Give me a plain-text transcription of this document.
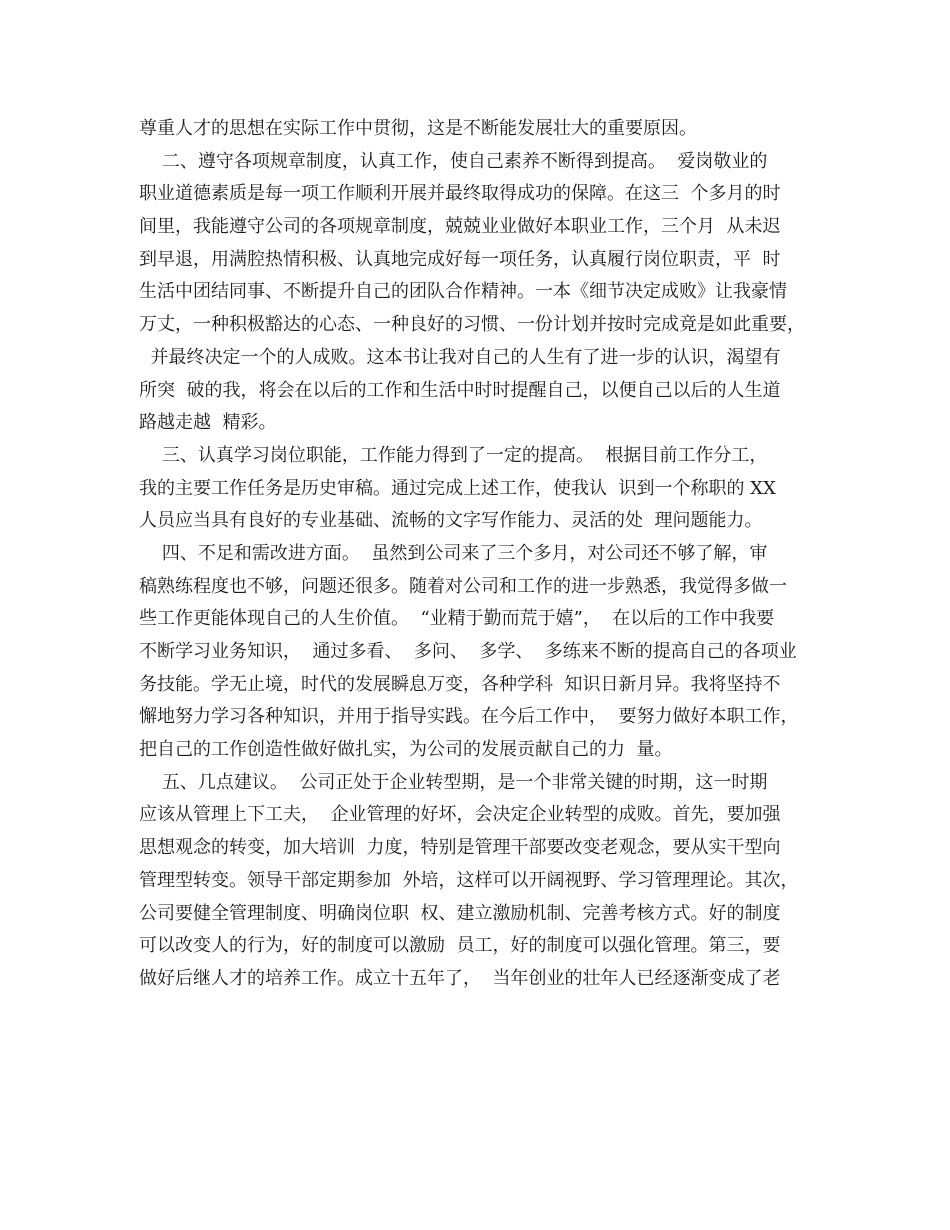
尊重人才的思想在实际工作中贯彻，这是不断能发展壮大的重要原因。
二、遵守各项规章制度，认真工作，使自己素养不断得到提高。  爱岗敬业的
职业道德素质是每一项工作顺利开展并最终取得成功的保障。在这三  个多月的时
间里，我能遵守公司的各项规章制度，兢兢业业做好本职业工作，三个月  从未迟
到早退，用满腔热情积极、认真地完成好每一项任务，认真履行岗位职责，平  时
生活中团结同事、不断提升自己的团队合作精神。一本《细节决定成败》让我豪情
万丈，一种积极豁达的心态、一种良好的习惯、一份计划并按时完成竟是如此重要，
并最终决定一个的人成败。这本书让我对自己的人生有了进一步的认识，渴望有
所突  破的我，将会在以后的工作和生活中时时提醒自己，以便自己以后的人生道
路越走越  精彩。
三、认真学习岗位职能，工作能力得到了一定的提高。  根据目前工作分工，
我的主要工作任务是历史审稿。通过完成上述工作，使我认  识到一个称职的 XX
人员应当具有良好的专业基础、流畅的文字写作能力、灵活的处  理问题能力。
四、不足和需改进方面。  虽然到公司来了三个多月，对公司还不够了解，审
稿熟练程度也不够，问题还很多。随着对公司和工作的进一步熟悉，我觉得多做一
些工作更能体现自己的人生价值。  “业精于勤而荒于嬉”，  在以后的工作中我要
不断学习业务知识，  通过多看、  多问、  多学、  多练来不断的提高自己的各项业
务技能。学无止境，时代的发展瞬息万变，各种学科  知识日新月异。我将坚持不
懈地努力学习各种知识，并用于指导实践。在今后工作中，  要努力做好本职工作，
把自己的工作创造性做好做扎实，为公司的发展贡献自己的力  量。
五、几点建议。  公司正处于企业转型期，是一个非常关键的时期，这一时期
应该从管理上下工夫，  企业管理的好坏，会决定企业转型的成败。首先，要加强
思想观念的转变，加大培训  力度，特别是管理干部要改变老观念，要从实干型向
管理型转变。领导干部定期参加  外培，这样可以开阔视野、学习管理理论。其次，
公司要健全管理制度、明确岗位职  权、建立激励机制、完善考核方式。好的制度
可以改变人的行为，好的制度可以激励  员工，好的制度可以强化管理。第三，要
做好后继人才的培养工作。成立十五年了，  当年创业的壮年人已经逐渐变成了老
